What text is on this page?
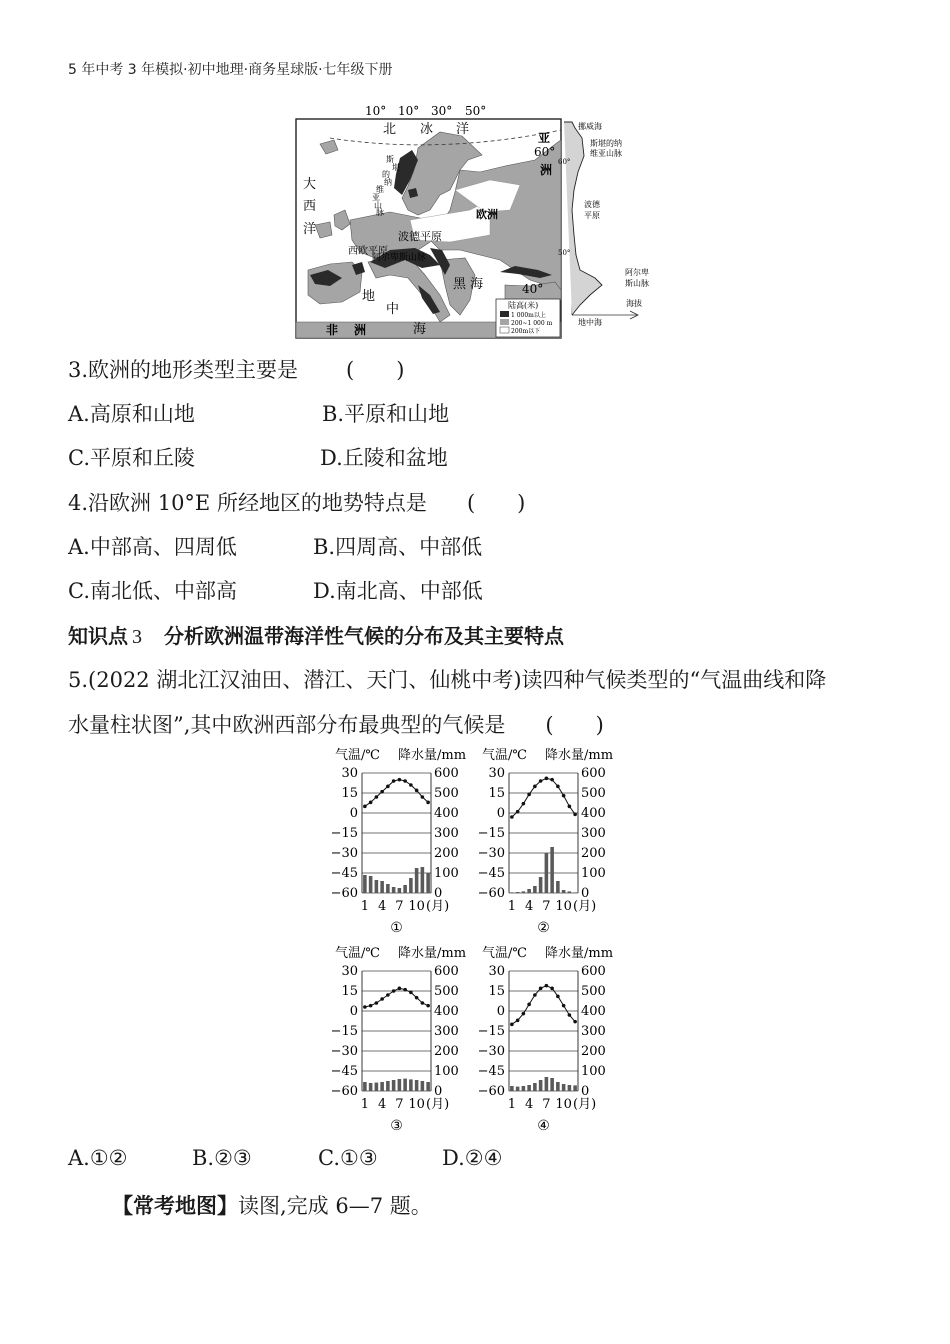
5 年中考 3 年模拟·初中地理·商务星球版·七年级下册
10° 10° 30° 50°
北 冰 洋
大
西
洋
亚
洲
60°
欧洲
斯
堪
的
纳
维
亚
山
脉
波德平原
西欧平原
阿尔卑斯山脉
黑 海	40°
地
中
海
非 洲
陆高(米)
1 000m以上
200~1 000 m
200m以下
挪威海
斯堪的纳
维亚山脉
60°
波德
平原
50°
阿尔卑
斯山脉
海拔
地中海
3.欧洲的地形类型主要是 (　　)
A.高原和山地	B.平原和山地
C.平原和丘陵	D.丘陵和盆地
4.沿欧洲 10°E 所经地区的地势特点是 (　　)
A.中部高、四周低	B.四周高、中部低
C.南北低、中部高	D.南北高、中部低
知识点 3 分析欧洲温带海洋性气候的分布及其主要特点
5.(2022 湖北江汉油田、潜江、天门、仙桃中考)读四种气候类型的“气温曲线和降
水量柱状图”,其中欧洲西部分布最典型的气候是 (　　)
气温/℃ 降水量/mm
30	600
15	500
0	400
−15	300
−30	200
−45	100
−60	0
1 4 7 10 (月)
①
气温/℃ 降水量/mm
30	600
15	500
0	400
−15	300
−30	200
−45	100
−60	0
1 4 7 10 (月)
②
气温/℃ 降水量/mm
30	600
15	500
0	400
−15	300
−30	200
−45	100
−60	0
1 4 7 10 (月)
③
气温/℃ 降水量/mm
30	600
15	500
0	400
−15	300
−30	200
−45	100
−60	0
1 4 7 10 (月)
④
A.①②	B.②③	C.①③	D.②④
【常考地图】读图,完成 6—7 题。
